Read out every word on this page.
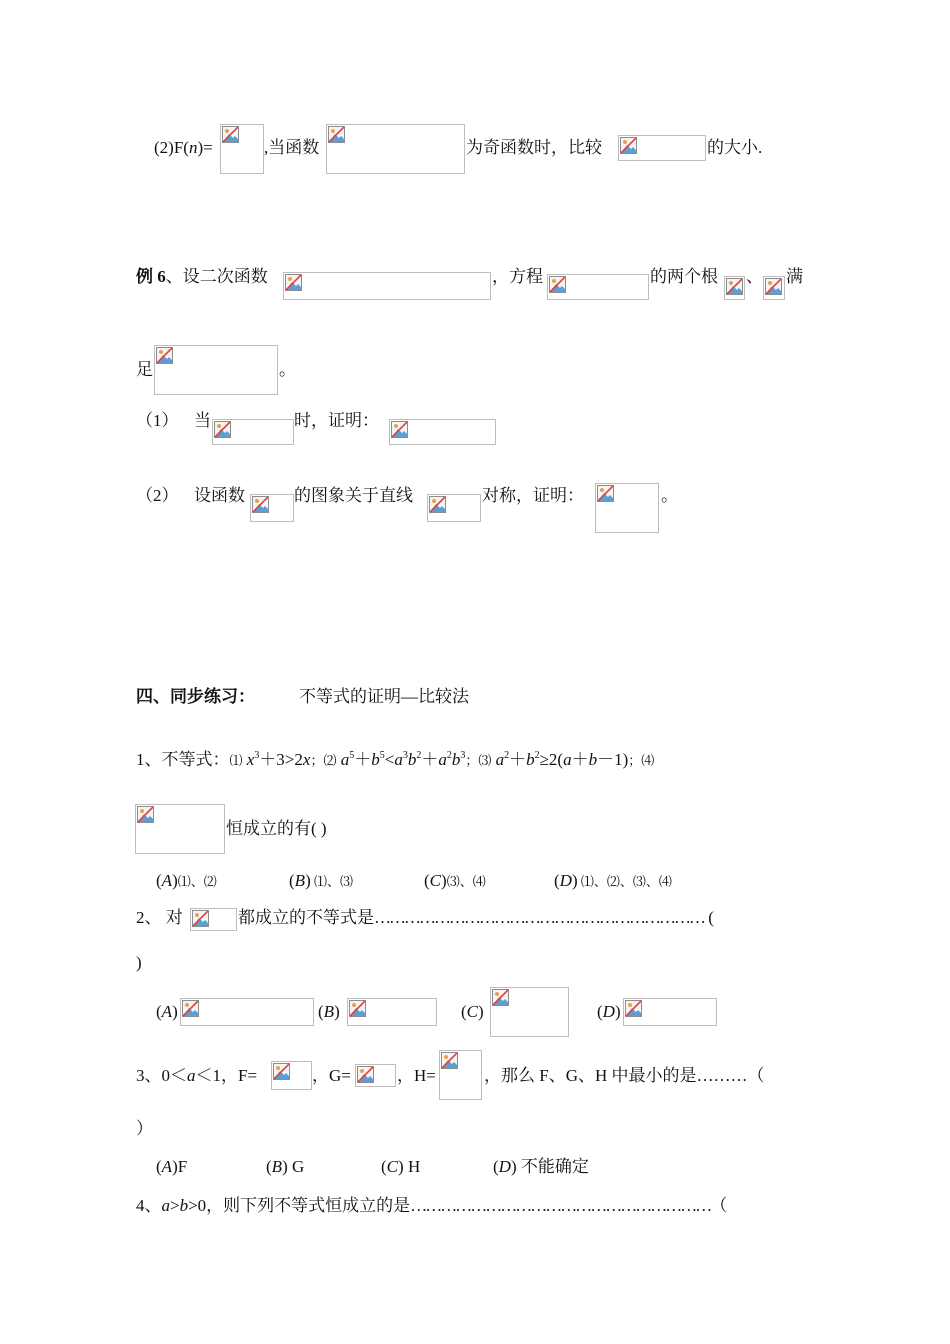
(2)F(n)=	,当函数	为奇函数时，比较	的大小.
例 6、设二次函数	，方程	的两个根 、 满
足	。
（1） 当	时，证明：
（2） 设函数	的图象关于直线	对称，证明：	。
四、同步练习：	不等式的证明—比较法
1、不等式：⑴ $x^3+3>2x$；⑵ $a^5+b^5<a^3b^2+a^2b^3$；⑶ $a^2+b^2\ge 2(a+b-1)$；⑷
恒成立的有( )
(A)⑴、⑵	(B) ⑴、⑶	(C)⑶、⑷	(D) ⑴、⑵、⑶、⑷
2、 对	都成立的不等式是………………………………………………………… (
)
(A)	(B)	(C)	(D)
3、0＜a＜1，F=	，G=	，H=	，那么 F、G、H 中最小的是………（
）
(A)F	(B) G	(C) H	(D) 不能确定
4、a>b>0，则下列不等式恒成立的是……………………………………………………（
